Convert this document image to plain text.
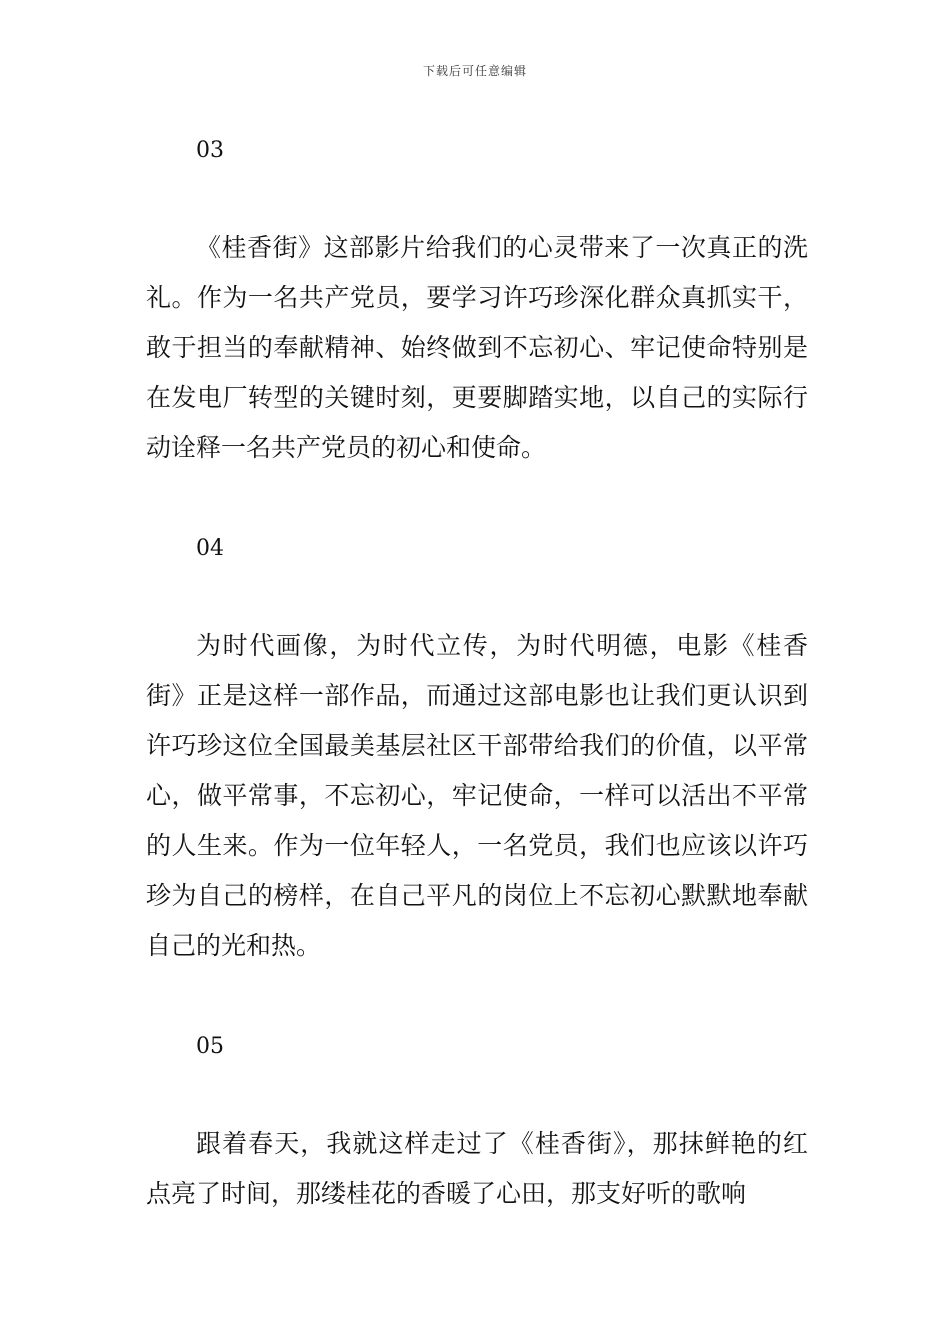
下载后可任意编辑
03

《桂香街》这部影片给我们的心灵带来了一次真正的洗礼。作为一名共产党员，要学习许巧珍深化群众真抓实干，敢于担当的奉献精神、始终做到不忘初心、牢记使命特别是在发电厂转型的关键时刻，更要脚踏实地，以自己的实际行动诠释一名共产党员的初心和使命。

04

为时代画像，为时代立传，为时代明德，电影《桂香街》正是这样一部作品，而通过这部电影也让我们更认识到许巧珍这位全国最美基层社区干部带给我们的价值，以平常心，做平常事，不忘初心，牢记使命，一样可以活出不平常的人生来。作为一位年轻人，一名党员，我们也应该以许巧珍为自己的榜样，在自己平凡的岗位上不忘初心默默地奉献自己的光和热。

05

跟着春天，我就这样走过了《桂香街》，那抹鲜艳的红点亮了时间，那缕桂花的香暖了心田，那支好听的歌响
